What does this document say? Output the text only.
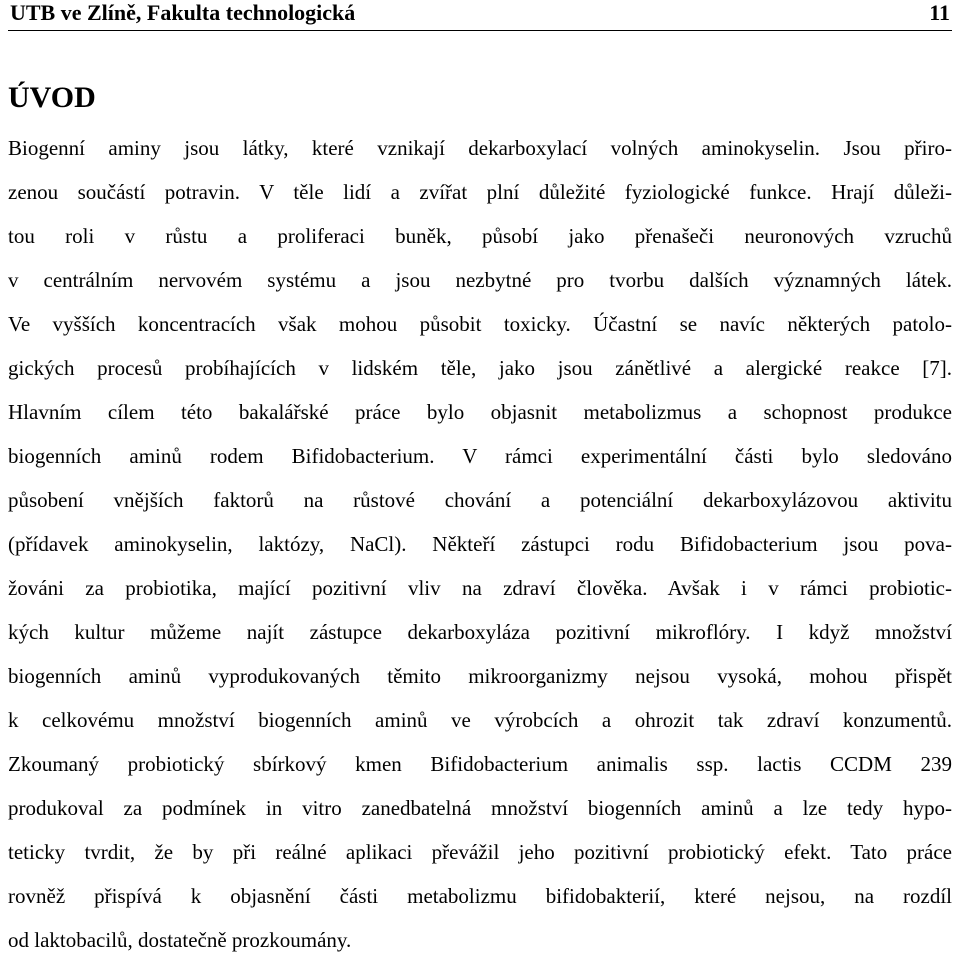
UTB ve Zlíně, Fakulta technologická	11
ÚVOD
Biogenní aminy jsou látky, které vznikají dekarboxylací volných aminokyselin. Jsou přiro-
zenou součástí potravin. V těle lidí a zvířat plní důležité fyziologické funkce. Hrají důleži-
tou roli v růstu a proliferaci buněk, působí jako přenašeči neuronových vzruchů
v centrálním nervovém systému a jsou nezbytné pro tvorbu dalších významných látek.
Ve vyšších koncentracích však mohou působit toxicky. Účastní se navíc některých patolo-
gických procesů probíhajících v lidském těle, jako jsou zánětlivé a alergické reakce [7].
Hlavním cílem této bakalářské práce bylo objasnit metabolizmus a schopnost produkce
biogenních aminů rodem Bifidobacterium. V rámci experimentální části bylo sledováno
působení vnějších faktorů na růstové chování a potenciální dekarboxylázovou aktivitu
(přídavek aminokyselin, laktózy, NaCl). Někteří zástupci rodu Bifidobacterium jsou pova-
žováni za probiotika, mající pozitivní vliv na zdraví člověka. Avšak i v rámci probiotic-
kých kultur můžeme najít zástupce dekarboxyláza pozitivní mikroflóry. I když množství
biogenních aminů vyprodukovaných těmito mikroorganizmy nejsou vysoká, mohou přispět
k celkovému množství biogenních aminů ve výrobcích a ohrozit tak zdraví konzumentů.
Zkoumaný probiotický sbírkový kmen Bifidobacterium animalis ssp. lactis CCDM 239
produkoval za podmínek in vitro zanedbatelná množství biogenních aminů a lze tedy hypo-
teticky tvrdit, že by při reálné aplikaci převážil jeho pozitivní probiotický efekt. Tato práce
rovněž přispívá k objasnění části metabolizmu bifidobakterií, které nejsou, na rozdíl
od laktobacilů, dostatečně prozkoumány.
